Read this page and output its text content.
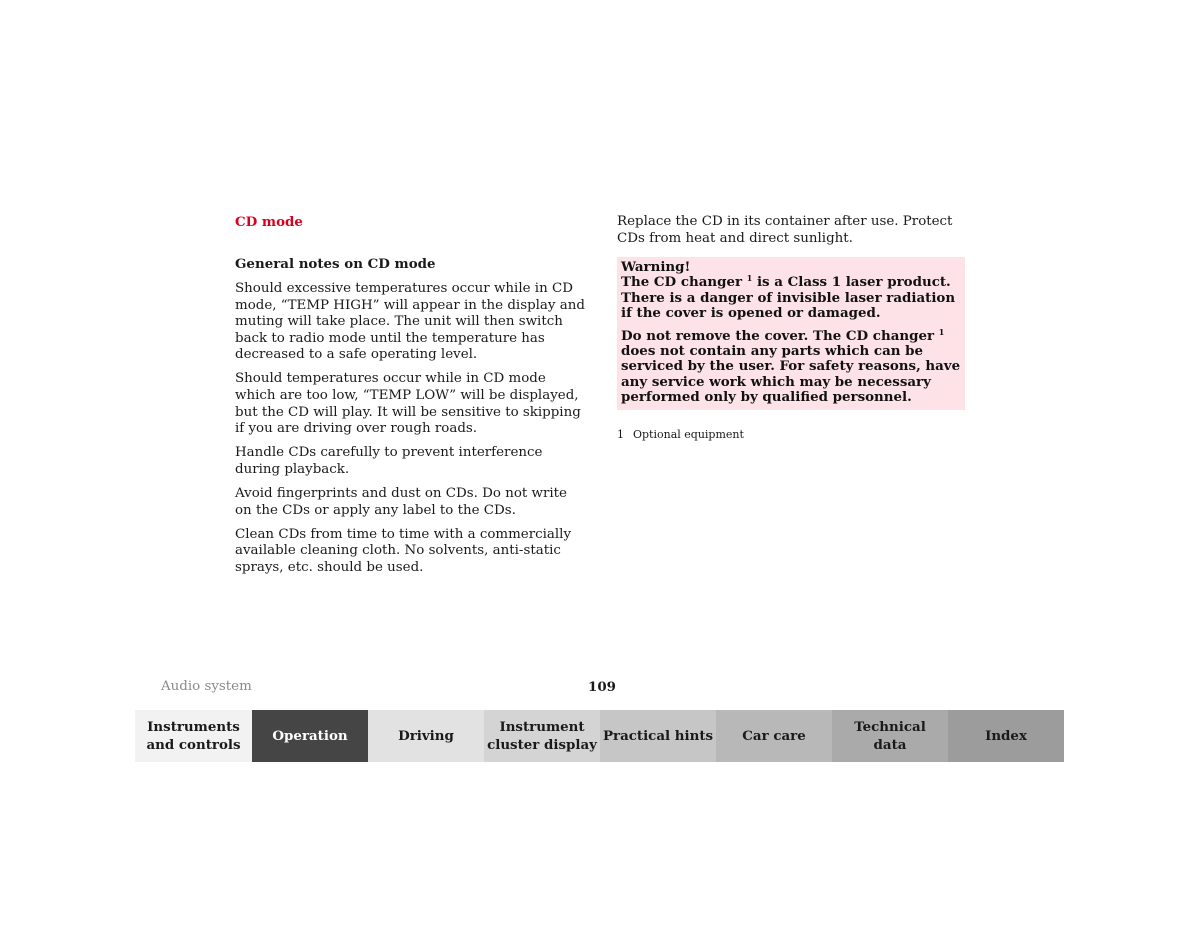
CD mode
General notes on CD mode

Should excessive temperatures occur while in CD mode, “TEMP HIGH” will appear in the display and muting will take place. The unit will then switch back to radio mode until the temperature has decreased to a safe operating level.

Should temperatures occur while in CD mode which are too low, “TEMP LOW” will be displayed, but the CD will play. It will be sensitive to skipping if you are driving over rough roads.

Handle CDs carefully to prevent interference during playback.

Avoid fingerprints and dust on CDs. Do not write on the CDs or apply any label to the CDs.

Clean CDs from time to time with a commercially available cleaning cloth. No solvents, anti-static sprays, etc. should be used.

Replace the CD in its container after use. Protect CDs from heat and direct sunlight.

Warning!

The CD changer $^1$ is a Class 1 laser product. There is a danger of invisible laser radiation if the cover is opened or damaged.

Do not remove the cover. The CD changer $^1$ does not contain any parts which can be serviced by the user. For safety reasons, have any service work which may be necessary performed only by qualified personnel.

1 Optional equipment
Audio system	109
Instruments
and controls
Operation	Driving
Instrument
cluster display
Practical hints	Car care
Technical
data
Index
